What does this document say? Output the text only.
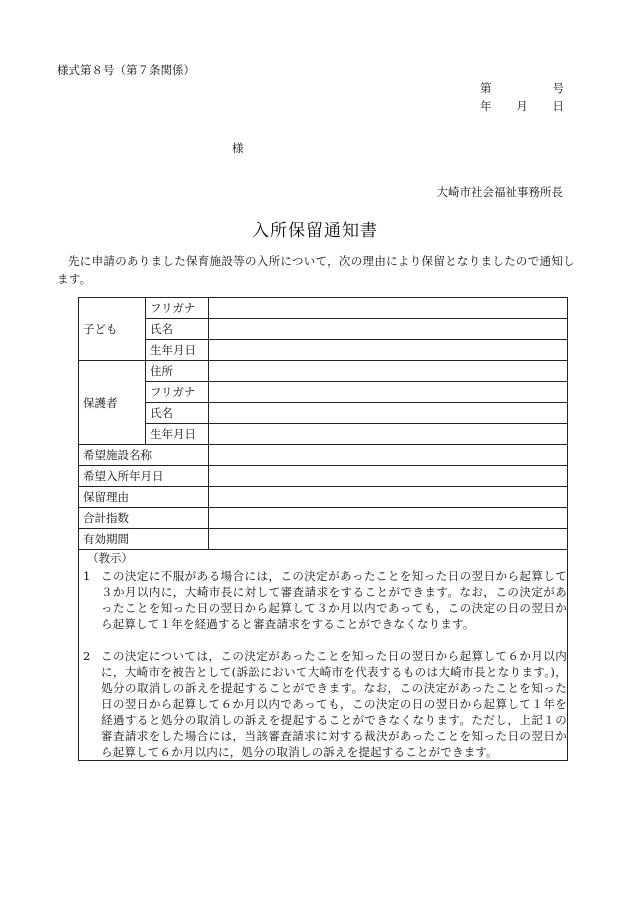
様式第８号（第７条関係）
第	号
年 月 日
様
大崎市社会福祉事務所長
入所保留通知書
先に申請のありました保育施設等の入所について，次の理由により保留となりましたので通知します。
子ども	フリガナ	
	氏名	
	生年月日	
保護者	住所	
	フリガナ	
	氏名	
	生年月日	
希望施設名称		
希望入所年月日		
保留理由		
合計指数		
有効期間		

（教示）
1 この決定に不服がある場合には，この決定があったことを知った日の翌日から起算して３か月以内に，大崎市長に対して審査請求をすることができます。なお，この決定があったことを知った日の翌日から起算して３か月以内であっても，この決定の日の翌日から起算して１年を経過すると審査請求をすることができなくなります。
2 この決定については，この決定があったことを知った日の翌日から起算して６か月以内に，大崎市を被告として(訴訟において大崎市を代表するものは大崎市長となります。)，処分の取消しの訴えを提起することができます。なお，この決定があったことを知った日の翌日から起算して６か月以内であっても，この決定の日の翌日から起算して１年を経過すると処分の取消しの訴えを提起することができなくなります。ただし，上記１の審査請求をした場合には，当該審査請求に対する裁決があったことを知った日の翌日から起算して６か月以内に，処分の取消しの訴えを提起することができます。		
